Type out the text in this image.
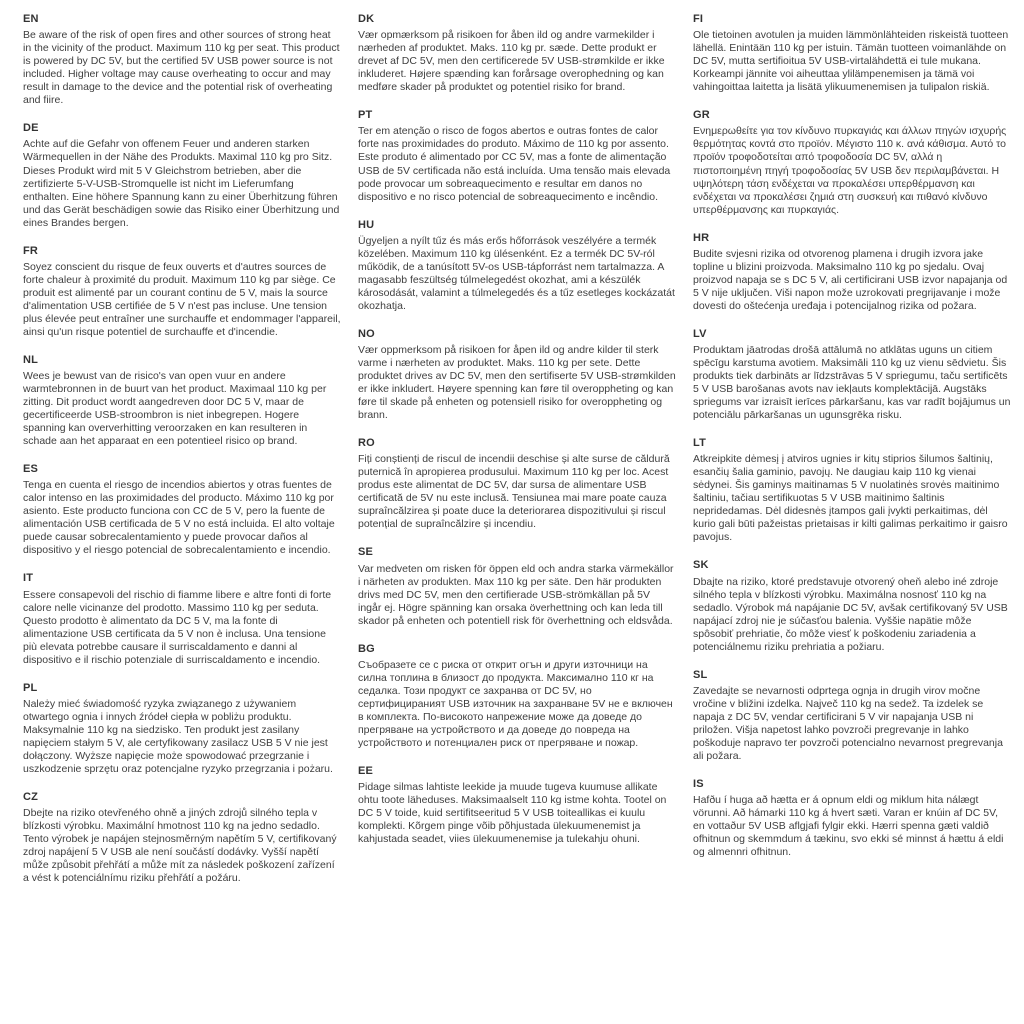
EN

Be aware of the risk of open fires and other sources of strong heat in the vicinity of the product. Maximum 110 kg per seat. This product is powered by DC 5V, but the certified 5V USB power source is not included. Higher voltage may cause overheating to occur and may result in damage to the device and the potential risk of overheating and fiire.

DE

Achte auf die Gefahr von offenem Feuer und anderen starken Wärmequellen in der Nähe des Produkts. Maximal 110 kg pro Sitz. Dieses Produkt wird mit 5 V Gleichstrom betrieben, aber die zertifizierte 5-V-USB-Stromquelle ist nicht im Lieferumfang enthalten. Eine höhere Spannung kann zu einer Überhitzung führen und das Gerät beschädigen sowie das Risiko einer Überhitzung und eines Brandes bergen.

FR

Soyez conscient du risque de feux ouverts et d'autres sources de forte chaleur à proximité du produit. Maximum 110 kg par siège. Ce produit est alimenté par un courant continu de 5 V, mais la source d'alimentation USB certifiée de 5 V n'est pas incluse. Une tension plus élevée peut entraîner une surchauffe et endommager l'appareil, ainsi qu'un risque potentiel de surchauffe et d'incendie.

NL

Wees je bewust van de risico's van open vuur en andere warmtebronnen in de buurt van het product. Maximaal 110 kg per zitting. Dit product wordt aangedreven door DC 5 V, maar de gecertificeerde USB-stroombron is niet inbegrepen. Hogere spanning kan oververhitting veroorzaken en kan resulteren in schade aan het apparaat en een potentieel risico op brand.

ES

Tenga en cuenta el riesgo de incendios abiertos y otras fuentes de calor intenso en las proximidades del producto. Máximo 110 kg por asiento. Este producto funciona con CC de 5 V, pero la fuente de alimentación USB certificada de 5 V no está incluida. El alto voltaje puede causar sobrecalentamiento y puede provocar daños al dispositivo y el riesgo potencial de sobrecalentamiento e incendio.

IT

Essere consapevoli del rischio di fiamme libere e altre fonti di forte calore nelle vicinanze del prodotto. Massimo 110 kg per seduta. Questo prodotto è alimentato da DC 5 V, ma la fonte di alimentazione USB certificata da 5 V non è inclusa. Una tensione più elevata potrebbe causare il surriscaldamento e danni al dispositivo e il rischio potenziale di surriscaldamento e incendio.

PL

Należy mieć świadomość ryzyka związanego z używaniem otwartego ognia i innych źródeł ciepła w pobliżu produktu. Maksymalnie 110 kg na siedzisko. Ten produkt jest zasilany napięciem stałym 5 V, ale certyfikowany zasilacz USB 5 V nie jest dołączony. Wyższe napięcie może spowodować przegrzanie i uszkodzenie sprzętu oraz potencjalne ryzyko przegrzania i pożaru.

CZ

Dbejte na riziko otevřeného ohně a jiných zdrojů silného tepla v blízkosti výrobku. Maximální hmotnost 110 kg na jedno sedadlo. Tento výrobek je napájen stejnosměrným napětím 5 V, certifikovaný zdroj napájení 5 V USB ale není součástí dodávky. Vyšší napětí může způsobit přehřátí a může mít za následek poškození zařízení a vést k potenciálnímu riziku přehřátí a požáru.

DK

Vær opmærksom på risikoen for åben ild og andre varmekilder i nærheden af produktet. Maks. 110 kg pr. sæde. Dette produkt er drevet af DC 5V, men den certificerede 5V USB-strømkilde er ikke inkluderet. Højere spænding kan forårsage overophedning og kan medføre skader på produktet og potentiel risiko for brand.

PT

Ter em atenção o risco de fogos abertos e outras fontes de calor forte nas proximidades do produto. Máximo de 110 kg por assento. Este produto é alimentado por CC 5V, mas a fonte de alimentação USB de 5V certificada não está incluída. Uma tensão mais elevada pode provocar um sobreaquecimento e resultar em danos no dispositivo e no risco potencial de sobreaquecimento e incêndio.

HU

Ügyeljen a nyílt tűz és más erős hőforrások veszélyére a termék közelében. Maximum 110 kg ülésenként. Ez a termék DC 5V-ról működik, de a tanúsított 5V-os USB-tápforrást nem tartalmazza. A magasabb feszültség túlmelegedést okozhat, ami a készülék károsodását, valamint a túlmelegedés és a tűz esetleges kockázatát okozhatja.

NO

Vær oppmerksom på risikoen for åpen ild og andre kilder til sterk varme i nærheten av produktet. Maks. 110 kg per sete. Dette produktet drives av DC 5V, men den sertifiserte 5V USB-strømkilden er ikke inkludert. Høyere spenning kan føre til overoppheting og kan føre til skade på enheten og potensiell risiko for overoppheting og brann.

RO

Fiți conștienți de riscul de incendii deschise și alte surse de căldură puternică în apropierea produsului. Maximum 110 kg per loc. Acest produs este alimentat de DC 5V, dar sursa de alimentare USB certificată de 5V nu este inclusă. Tensiunea mai mare poate cauza supraîncălzirea și poate duce la deteriorarea dispozitivului și riscul potențial de supraîncălzire și incendiu.

SE

Var medveten om risken för öppen eld och andra starka värmekällor i närheten av produkten. Max 110 kg per säte. Den här produkten drivs med DC 5V, men den certifierade USB-strömkällan på 5V ingår ej. Högre spänning kan orsaka överhettning och kan leda till skador på enheten och potentiell risk för överhettning och eldsvåda.

BG

Съобразете се с риска от открит огън и други източници на силна топлина в близост до продукта. Максимално 110 кг на седалка. Този продукт се захранва от DC 5V, но сертифицираният USB източник на захранване 5V не е включен в комплекта. По-високото напрежение може да доведе до прегряване на устройството и да доведе до повреда на устройството и потенциален риск от прегряване и пожар.

EE

Pidage silmas lahtiste leekide ja muude tugeva kuumuse allikate ohtu toote läheduses. Maksimaalselt 110 kg istme kohta. Tootel on DC 5 V toide, kuid sertifitseeritud 5 V USB toiteallikas ei kuulu komplekti. Kõrgem pinge võib põhjustada ülekuumenemist ja kahjustada seadet, viies ülekuumenemise ja tulekahju ohuni.

FI

Ole tietoinen avotulen ja muiden lämmönlähteiden riskeistä tuotteen lähellä. Enintään 110 kg per istuin. Tämän tuotteen voimanlähde on DC 5V, mutta sertifioitua 5V USB-virtalähdettä ei tule mukana. Korkeampi jännite voi aiheuttaa ylilämpenemisen ja tämä voi vahingoittaa laitetta ja lisätä ylikuumenemisen ja tulipalon riskiä.

GR

Ενημερωθείτε για τον κίνδυνο πυρκαγιάς και άλλων πηγών ισχυρής θερμότητας κοντά στο προϊόν. Μέγιστο 110 κ. ανά κάθισμα. Αυτό το προϊόν τροφοδοτείται από τροφοδοσία DC 5V, αλλά η πιστοποιημένη πηγή τροφοδοσίας 5V USB δεν περιλαμβάνεται. Η υψηλότερη τάση ενδέχεται να προκαλέσει υπερθέρμανση και ενδέχεται να προκαλέσει ζημιά στη συσκευή και πιθανό κίνδυνο υπερθέρμανσης και πυρκαγιάς.

HR

Budite svjesni rizika od otvorenog plamena i drugih izvora jake topline u blizini proizvoda. Maksimalno 110 kg po sjedalu. Ovaj proizvod napaja se s DC 5 V, ali certificirani USB izvor napajanja od 5 V nije uključen. Viši napon može uzrokovati pregrijavanje i može dovesti do oštećenja uređaja i potencijalnog rizika od požara.

LV

Produktam jāatrodas drošā attālumā no atklātas uguns un citiem spēcīgu karstuma avotiem. Maksimāli 110 kg uz vienu sēdvietu. Šis produkts tiek darbināts ar līdzstrāvas 5 V spriegumu, taču sertificēts 5 V USB barošanas avots nav iekļauts komplektācijā. Augstāks spriegums var izraisīt ierīces pārkaršanu, kas var radīt bojājumus un potenciālu pārkaršanas un ugunsgrēka risku.

LT

Atkreipkite dėmesį į atviros ugnies ir kitų stiprios šilumos šaltinių, esančių šalia gaminio, pavojų. Ne daugiau kaip 110 kg vienai sėdynei. Šis gaminys maitinamas 5 V nuolatinės srovės maitinimo šaltiniu, tačiau sertifikuotas 5 V USB maitinimo šaltinis nepridedamas. Dėl didesnės įtampos gali įvykti perkaitimas, dėl kurio gali būti pažeistas prietaisas ir kilti galimas perkaitimo ir gaisro pavojus.

SK

Dbajte na riziko, ktoré predstavuje otvorený oheň alebo iné zdroje silného tepla v blízkosti výrobku. Maximálna nosnosť 110 kg na sedadlo. Výrobok má napájanie DC 5V, avšak certifikovaný 5V USB napájací zdroj nie je súčasťou balenia. Vyššie napätie môže spôsobiť prehriatie, čo môže viesť k poškodeniu zariadenia a potenciálnemu riziku prehriatia a požiaru.

SL

Zavedajte se nevarnosti odprtega ognja in drugih virov močne vročine v bližini izdelka. Največ 110 kg na sedež. Ta izdelek se napaja z DC 5V, vendar certificirani 5 V vir napajanja USB ni priložen. Višja napetost lahko povzroči pregrevanje in lahko poškoduje napravo ter povzroči potencialno nevarnost pregrevanja ali požara.

IS

Hafðu í huga að hætta er á opnum eldi og miklum hita nálægt vörunni. Að hámarki 110 kg á hvert sæti. Varan er knúin af DC 5V, en vottaður 5V USB aflgjafi fylgir ekki. Hærri spenna gæti valdið ofhitnun og skemmdum á tækinu, svo ekki sé minnst á hættu á eldi og almennri ofhitnun.
